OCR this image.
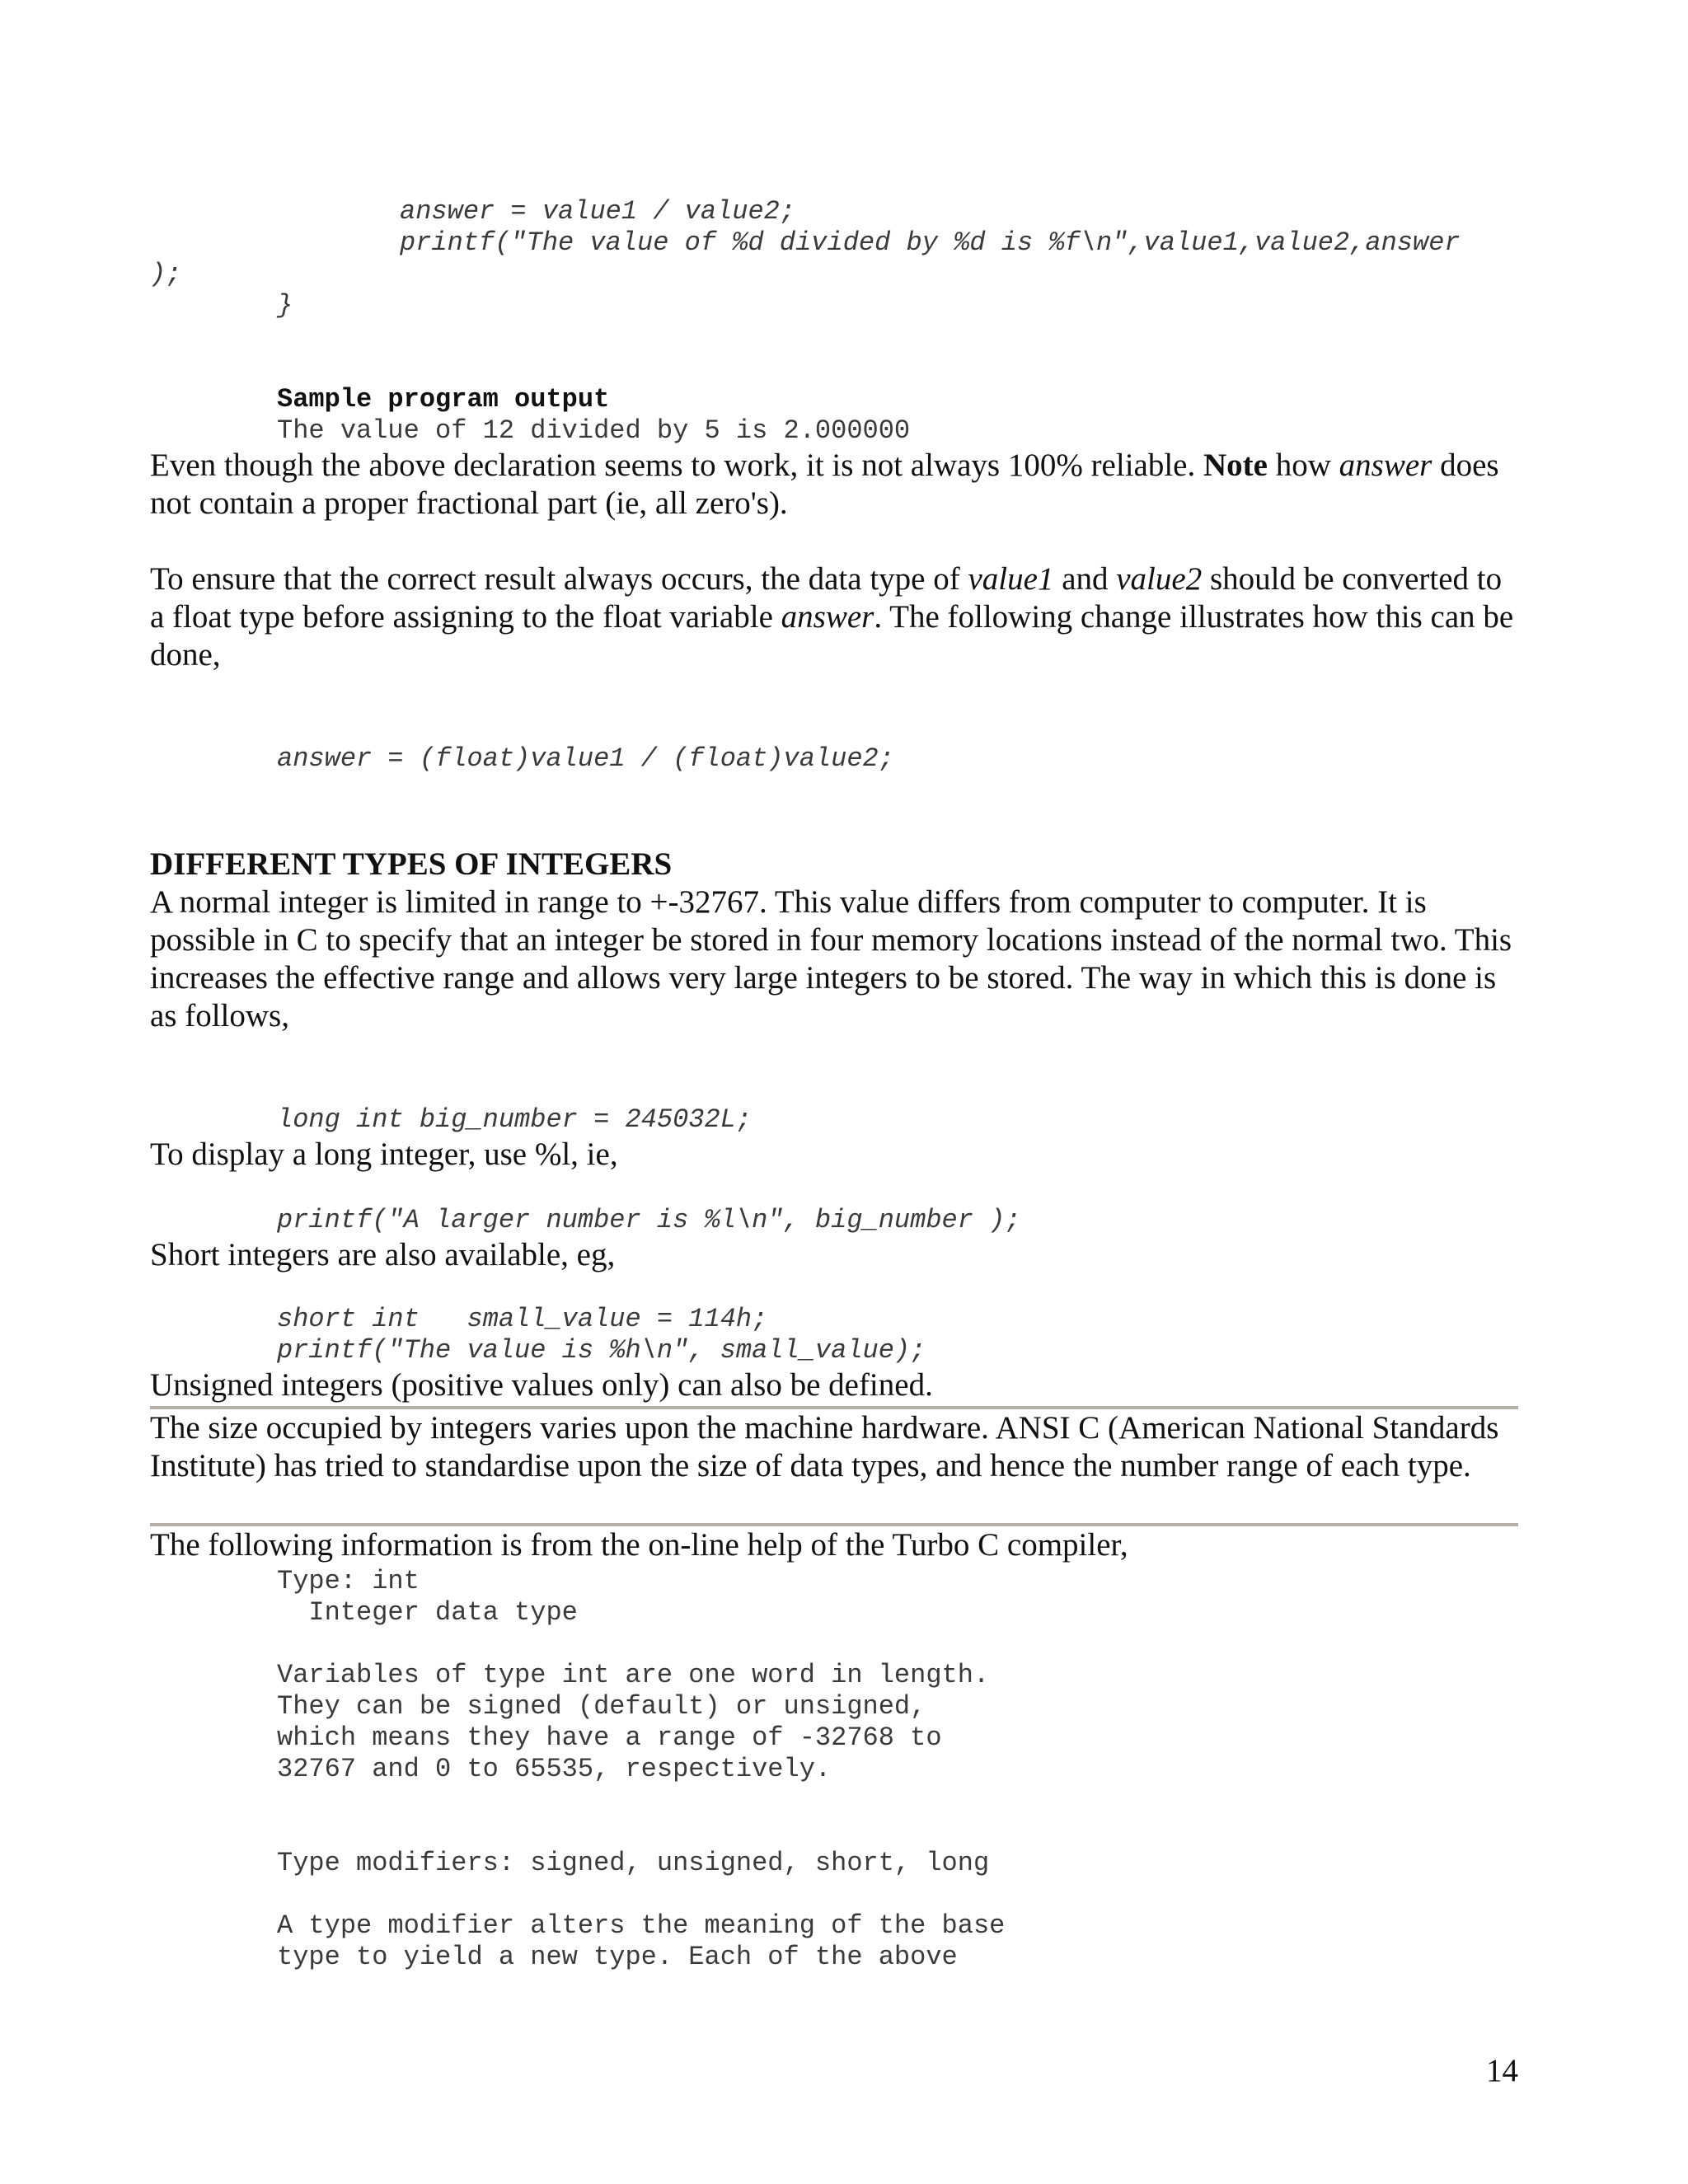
answer = value1 / value2;
printf("The value of %d divided by %d is %f\n",value1,value2,answer
);
}
Sample program output
The value of 12 divided by 5 is 2.000000

Even though the above declaration seems to work, it is not always 100% reliable. Note how answer does not contain a proper fractional part (ie, all zero's).

To ensure that the correct result always occurs, the data type of value1 and value2 should be converted to a float type before assigning to the float variable answer. The following change illustrates how this can be done,

answer = (float)value1 / (float)value2;
DIFFERENT TYPES OF INTEGERS

A normal integer is limited in range to +-32767. This value differs from computer to computer. It is possible in C to specify that an integer be stored in four memory locations instead of the normal two. This increases the effective range and allows very large integers to be stored. The way in which this is done is as follows,

long int big_number = 245032L;

To display a long integer, use %l, ie,

printf("A larger number is %l\n", big_number );

Short integers are also available, eg,

short int   small_value = 114h;
printf("The value is %h\n", small_value);

Unsigned integers (positive values only) can also be defined.

The size occupied by integers varies upon the machine hardware. ANSI C (American National Standards Institute) has tried to standardise upon the size of data types, and hence the number range of each type.

The following information is from the on-line help of the Turbo C compiler,

Type: int
Integer data type
Variables of type int are one word in length.
They can be signed (default) or unsigned,
which means they have a range of -32768 to
32767 and 0 to 65535, respectively.
Type modifiers: signed, unsigned, short, long
A type modifier alters the meaning of the base
type to yield a new type. Each of the above
14
